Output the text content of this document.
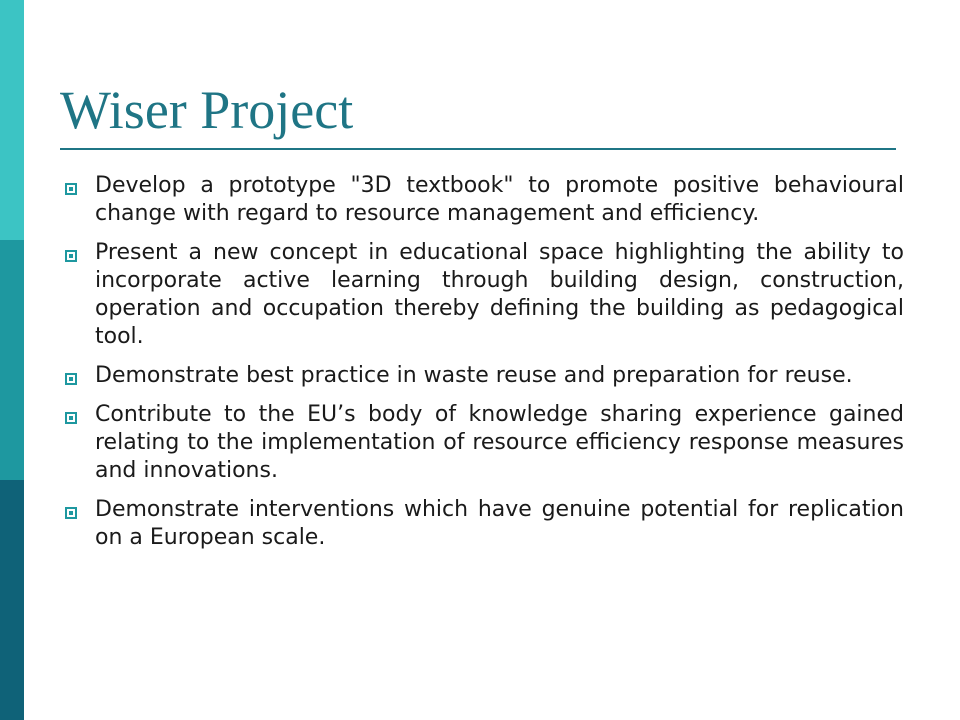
Wiser Project
Develop a prototype "3D textbook" to promote positive behavioural change with regard to resource management and efficiency.
Present a new concept in educational space highlighting the ability to incorporate active learning through building design, construction, operation and occupation thereby defining the building as pedagogical tool.
Demonstrate best practice in waste reuse and preparation for reuse.
Contribute to the EU’s body of knowledge sharing experience gained relating to the implementation of resource efficiency response measures and innovations.
Demonstrate interventions which have genuine potential for replication on a European scale.
